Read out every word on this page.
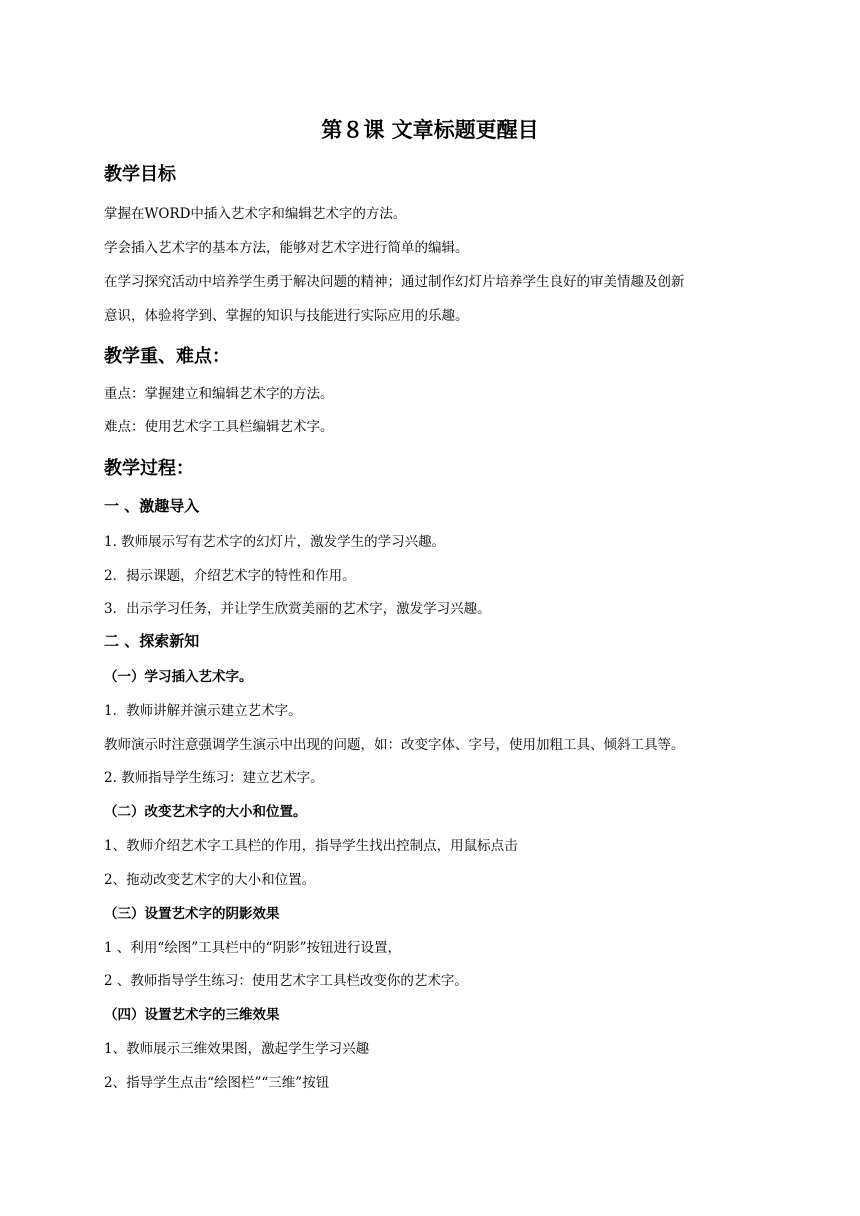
第８课 文章标题更醒目
教学目标
掌握在WORD中插入艺术字和编辑艺术字的方法。
学会插入艺术字的基本方法，能够对艺术字进行简单的编辑。
在学习探究活动中培养学生勇于解决问题的精神；通过制作幻灯片培养学生良好的审美情趣及创新
意识，体验将学到、掌握的知识与技能进行实际应用的乐趣。
教学重、难点：
重点：掌握建立和编辑艺术字的方法。
难点：使用艺术字工具栏编辑艺术字。
教学过程：
一 、激趣导入
1. 教师展示写有艺术字的幻灯片，激发学生的学习兴趣。
2．揭示课题，介绍艺术字的特性和作用。
3．出示学习任务，并让学生欣赏美丽的艺术字，激发学习兴趣。
二 、探索新知
（一）学习插入艺术字。
1．教师讲解并演示建立艺术字。
教师演示时注意强调学生演示中出现的问题，如：改变字体、字号，使用加粗工具、倾斜工具等。
2. 教师指导学生练习：建立艺术字。
（二）改变艺术字的大小和位置。
1、教师介绍艺术字工具栏的作用，指导学生找出控制点，用鼠标点击
2、拖动改变艺术字的大小和位置。
（三）设置艺术字的阴影效果
1 、利用“绘图”工具栏中的“阴影”按钮进行设置，
2 、教师指导学生练习：使用艺术字工具栏改变你的艺术字。
（四）设置艺术字的三维效果
1、教师展示三维效果图，激起学生学习兴趣
2、指导学生点击“绘图栏”“三维”按钮
